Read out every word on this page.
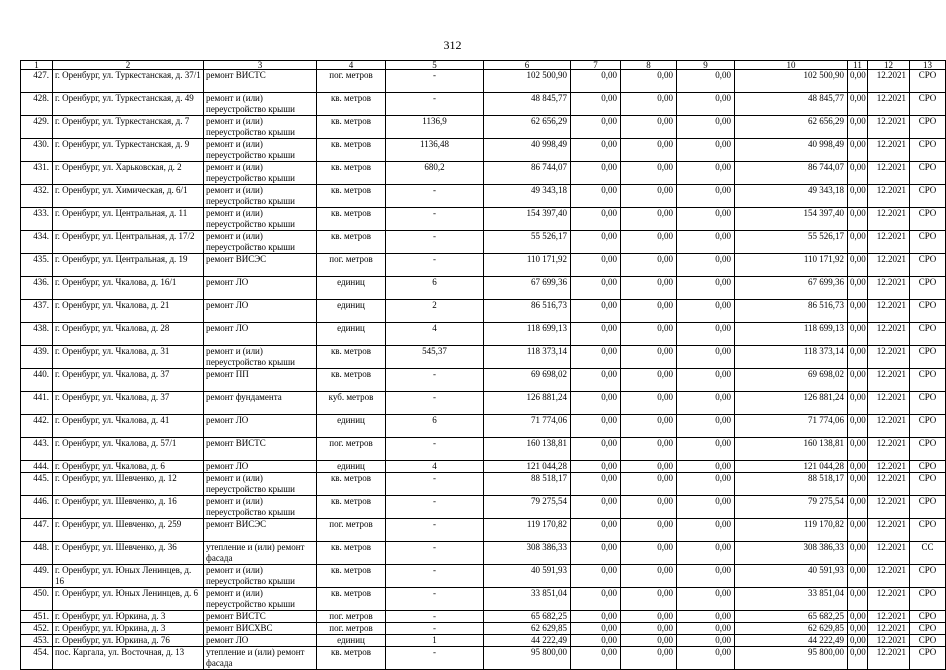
312
1	2	3	4	5	6	7	8	9	10	11	12	13
427.	г. Оренбург, ул. Туркестанская, д. 37/1	ремонт ВИСТС	пог. метров	-	102 500,90	0,00	0,00	0,00	102 500,90	0,00	12.2021	СРО
428.	г. Оренбург, ул. Туркестанская, д. 49	ремонт и (или) переустройство крыши	кв. метров	-	48 845,77	0,00	0,00	0,00	48 845,77	0,00	12.2021	СРО
429.	г. Оренбург, ул. Туркестанская, д. 7	ремонт и (или) переустройство крыши	кв. метров	1136,9	62 656,29	0,00	0,00	0,00	62 656,29	0,00	12.2021	СРО
430.	г. Оренбург, ул. Туркестанская, д. 9	ремонт и (или) переустройство крыши	кв. метров	1136,48	40 998,49	0,00	0,00	0,00	40 998,49	0,00	12.2021	СРО
431.	г. Оренбург, ул. Харьковская, д. 2	ремонт и (или) переустройство крыши	кв. метров	680,2	86 744,07	0,00	0,00	0,00	86 744,07	0,00	12.2021	СРО
432.	г. Оренбург, ул. Химическая, д. 6/1	ремонт и (или) переустройство крыши	кв. метров	-	49 343,18	0,00	0,00	0,00	49 343,18	0,00	12.2021	СРО
433.	г. Оренбург, ул. Центральная, д. 11	ремонт и (или) переустройство крыши	кв. метров	-	154 397,40	0,00	0,00	0,00	154 397,40	0,00	12.2021	СРО
434.	г. Оренбург, ул. Центральная, д. 17/2	ремонт и (или) переустройство крыши	кв. метров	-	55 526,17	0,00	0,00	0,00	55 526,17	0,00	12.2021	СРО
435.	г. Оренбург, ул. Центральная, д. 19	ремонт ВИСЭС	пог. метров	-	110 171,92	0,00	0,00	0,00	110 171,92	0,00	12.2021	СРО
436.	г. Оренбург, ул. Чкалова, д. 16/1	ремонт ЛО	единиц	6	67 699,36	0,00	0,00	0,00	67 699,36	0,00	12.2021	СРО
437.	г. Оренбург, ул. Чкалова, д. 21	ремонт ЛО	единиц	2	86 516,73	0,00	0,00	0,00	86 516,73	0,00	12.2021	СРО
438.	г. Оренбург, ул. Чкалова, д. 28	ремонт ЛО	единиц	4	118 699,13	0,00	0,00	0,00	118 699,13	0,00	12.2021	СРО
439.	г. Оренбург, ул. Чкалова, д. 31	ремонт и (или) переустройство крыши	кв. метров	545,37	118 373,14	0,00	0,00	0,00	118 373,14	0,00	12.2021	СРО
440.	г. Оренбург, ул. Чкалова, д. 37	ремонт ПП	кв. метров	-	69 698,02	0,00	0,00	0,00	69 698,02	0,00	12.2021	СРО
441.	г. Оренбург, ул. Чкалова, д. 37	ремонт фундамента	куб. метров	-	126 881,24	0,00	0,00	0,00	126 881,24	0,00	12.2021	СРО
442.	г. Оренбург, ул. Чкалова, д. 41	ремонт ЛО	единиц	6	71 774,06	0,00	0,00	0,00	71 774,06	0,00	12.2021	СРО
443.	г. Оренбург, ул. Чкалова, д. 57/1	ремонт ВИСТС	пог. метров	-	160 138,81	0,00	0,00	0,00	160 138,81	0,00	12.2021	СРО
444.	г. Оренбург, ул. Чкалова, д. 6	ремонт ЛО	единиц	4	121 044,28	0,00	0,00	0,00	121 044,28	0,00	12.2021	СРО
445.	г. Оренбург, ул. Шевченко, д. 12	ремонт и (или) переустройство крыши	кв. метров	-	88 518,17	0,00	0,00	0,00	88 518,17	0,00	12.2021	СРО
446.	г. Оренбург, ул. Шевченко, д. 16	ремонт и (или) переустройство крыши	кв. метров	-	79 275,54	0,00	0,00	0,00	79 275,54	0,00	12.2021	СРО
447.	г. Оренбург, ул. Шевченко, д. 259	ремонт ВИСЭС	пог. метров	-	119 170,82	0,00	0,00	0,00	119 170,82	0,00	12.2021	СРО
448.	г. Оренбург, ул. Шевченко, д. 36	утепление и (или) ремонт фасада	кв. метров	-	308 386,33	0,00	0,00	0,00	308 386,33	0,00	12.2021	СС
449.	г. Оренбург, ул. Юных Ленинцев, д. 16	ремонт и (или) переустройство крыши	кв. метров	-	40 591,93	0,00	0,00	0,00	40 591,93	0,00	12.2021	СРО
450.	г. Оренбург, ул. Юных Ленинцев, д. 6	ремонт и (или) переустройство крыши	кв. метров	-	33 851,04	0,00	0,00	0,00	33 851,04	0,00	12.2021	СРО
451.	г. Оренбург, ул. Юркина, д. 3	ремонт ВИСТС	пог. метров	-	65 682,25	0,00	0,00	0,00	65 682,25	0,00	12.2021	СРО
452.	г. Оренбург, ул. Юркина, д. 3	ремонт ВИСХВС	пог. метров	-	62 629,85	0,00	0,00	0,00	62 629,85	0,00	12.2021	СРО
453.	г. Оренбург, ул. Юркина, д. 76	ремонт ЛО	единиц	1	44 222,49	0,00	0,00	0,00	44 222,49	0,00	12.2021	СРО
454.	пос. Каргала, ул. Восточная, д. 13	утепление и (или) ремонт фасада	кв. метров	-	95 800,00	0,00	0,00	0,00	95 800,00	0,00	12.2021	СРО
